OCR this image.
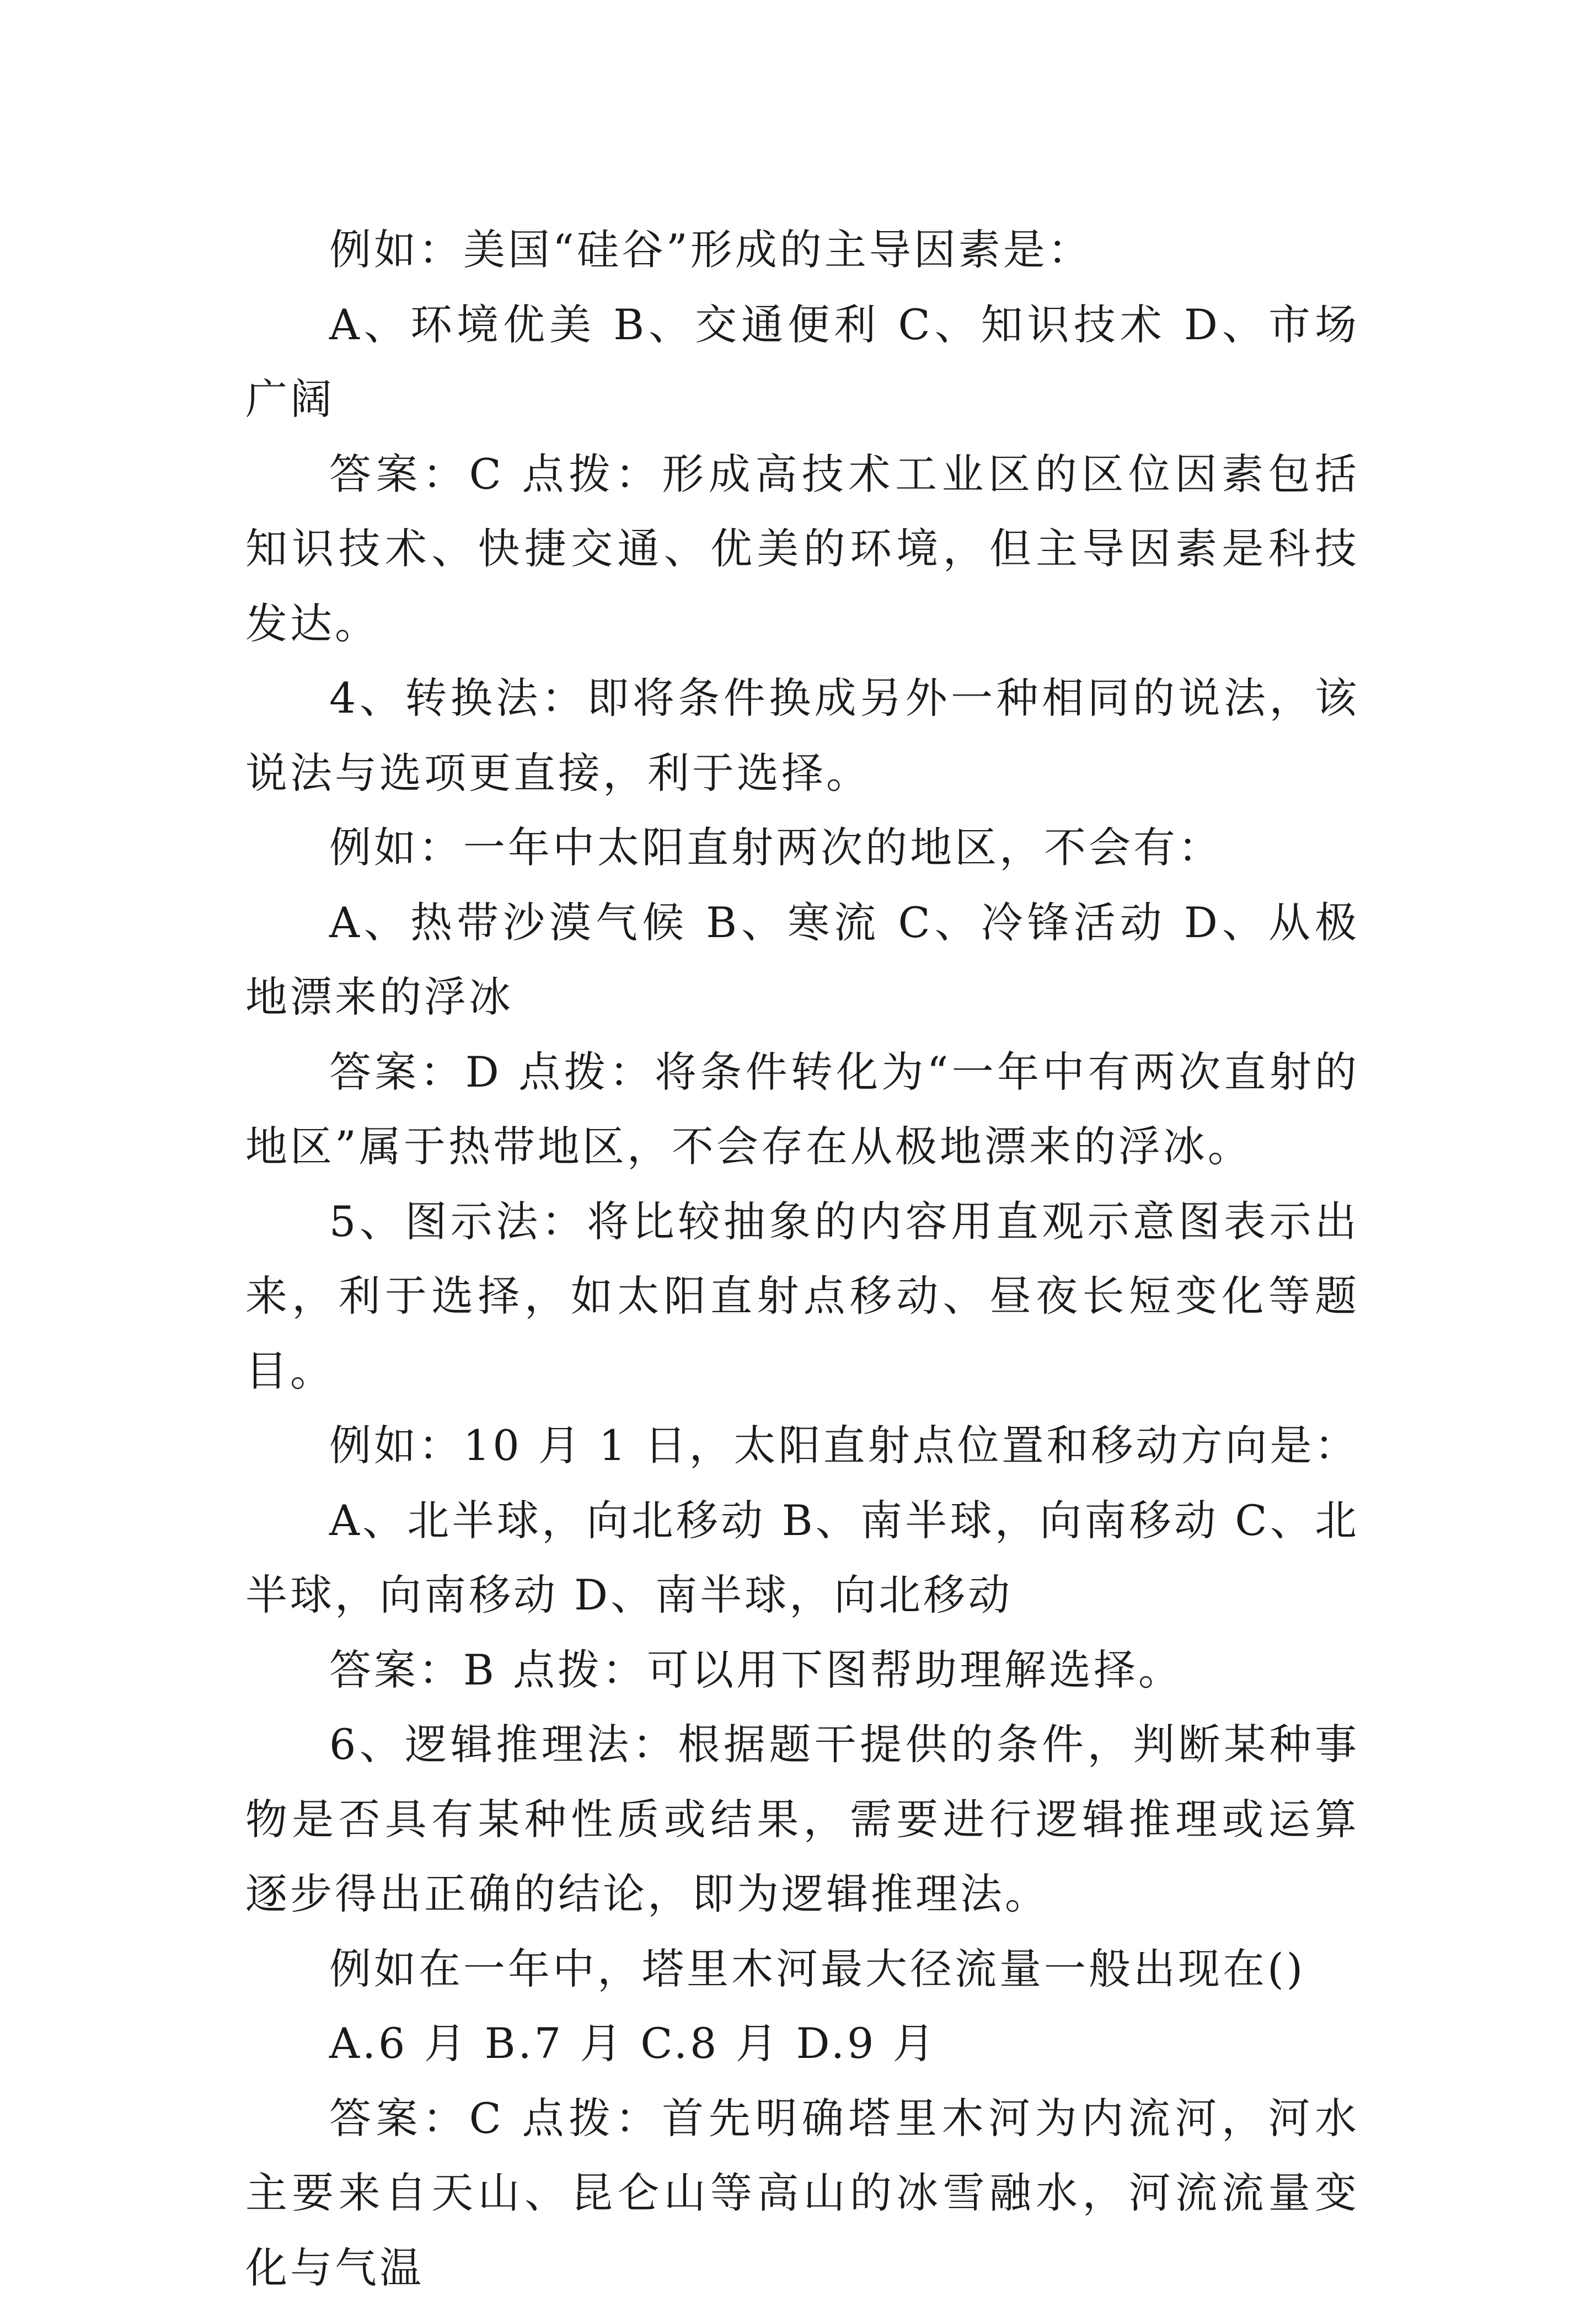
例如：美国“硅谷”形成的主导因素是：

A、环境优美 B、交通便利 C、知识技术 D、市场广阔

答案：C 点拨：形成高技术工业区的区位因素包括知识技术、快捷交通、优美的环境，但主导因素是科技发达。

4、转换法：即将条件换成另外一种相同的说法，该说法与选项更直接，利于选择。

例如：一年中太阳直射两次的地区，不会有：

A、热带沙漠气候 B、寒流 C、冷锋活动 D、从极地漂来的浮冰

答案：D 点拨：将条件转化为“一年中有两次直射的地区”属于热带地区，不会存在从极地漂来的浮冰。

5、图示法：将比较抽象的内容用直观示意图表示出来，利于选择，如太阳直射点移动、昼夜长短变化等题目。

例如：10 月 1 日，太阳直射点位置和移动方向是：

A、北半球，向北移动 B、南半球，向南移动 C、北半球，向南移动 D、南半球，向北移动

答案：B 点拨：可以用下图帮助理解选择。

6、逻辑推理法：根据题干提供的条件，判断某种事物是否具有某种性质或结果，需要进行逻辑推理或运算逐步得出正确的结论，即为逻辑推理法。

例如在一年中，塔里木河最大径流量一般出现在()

A.6 月 B.7 月 C.8 月 D.9 月

答案：C 点拨：首先明确塔里木河为内流河，河水主要来自天山、昆仑山等高山的冰雪融水，河流流量变化与气温
